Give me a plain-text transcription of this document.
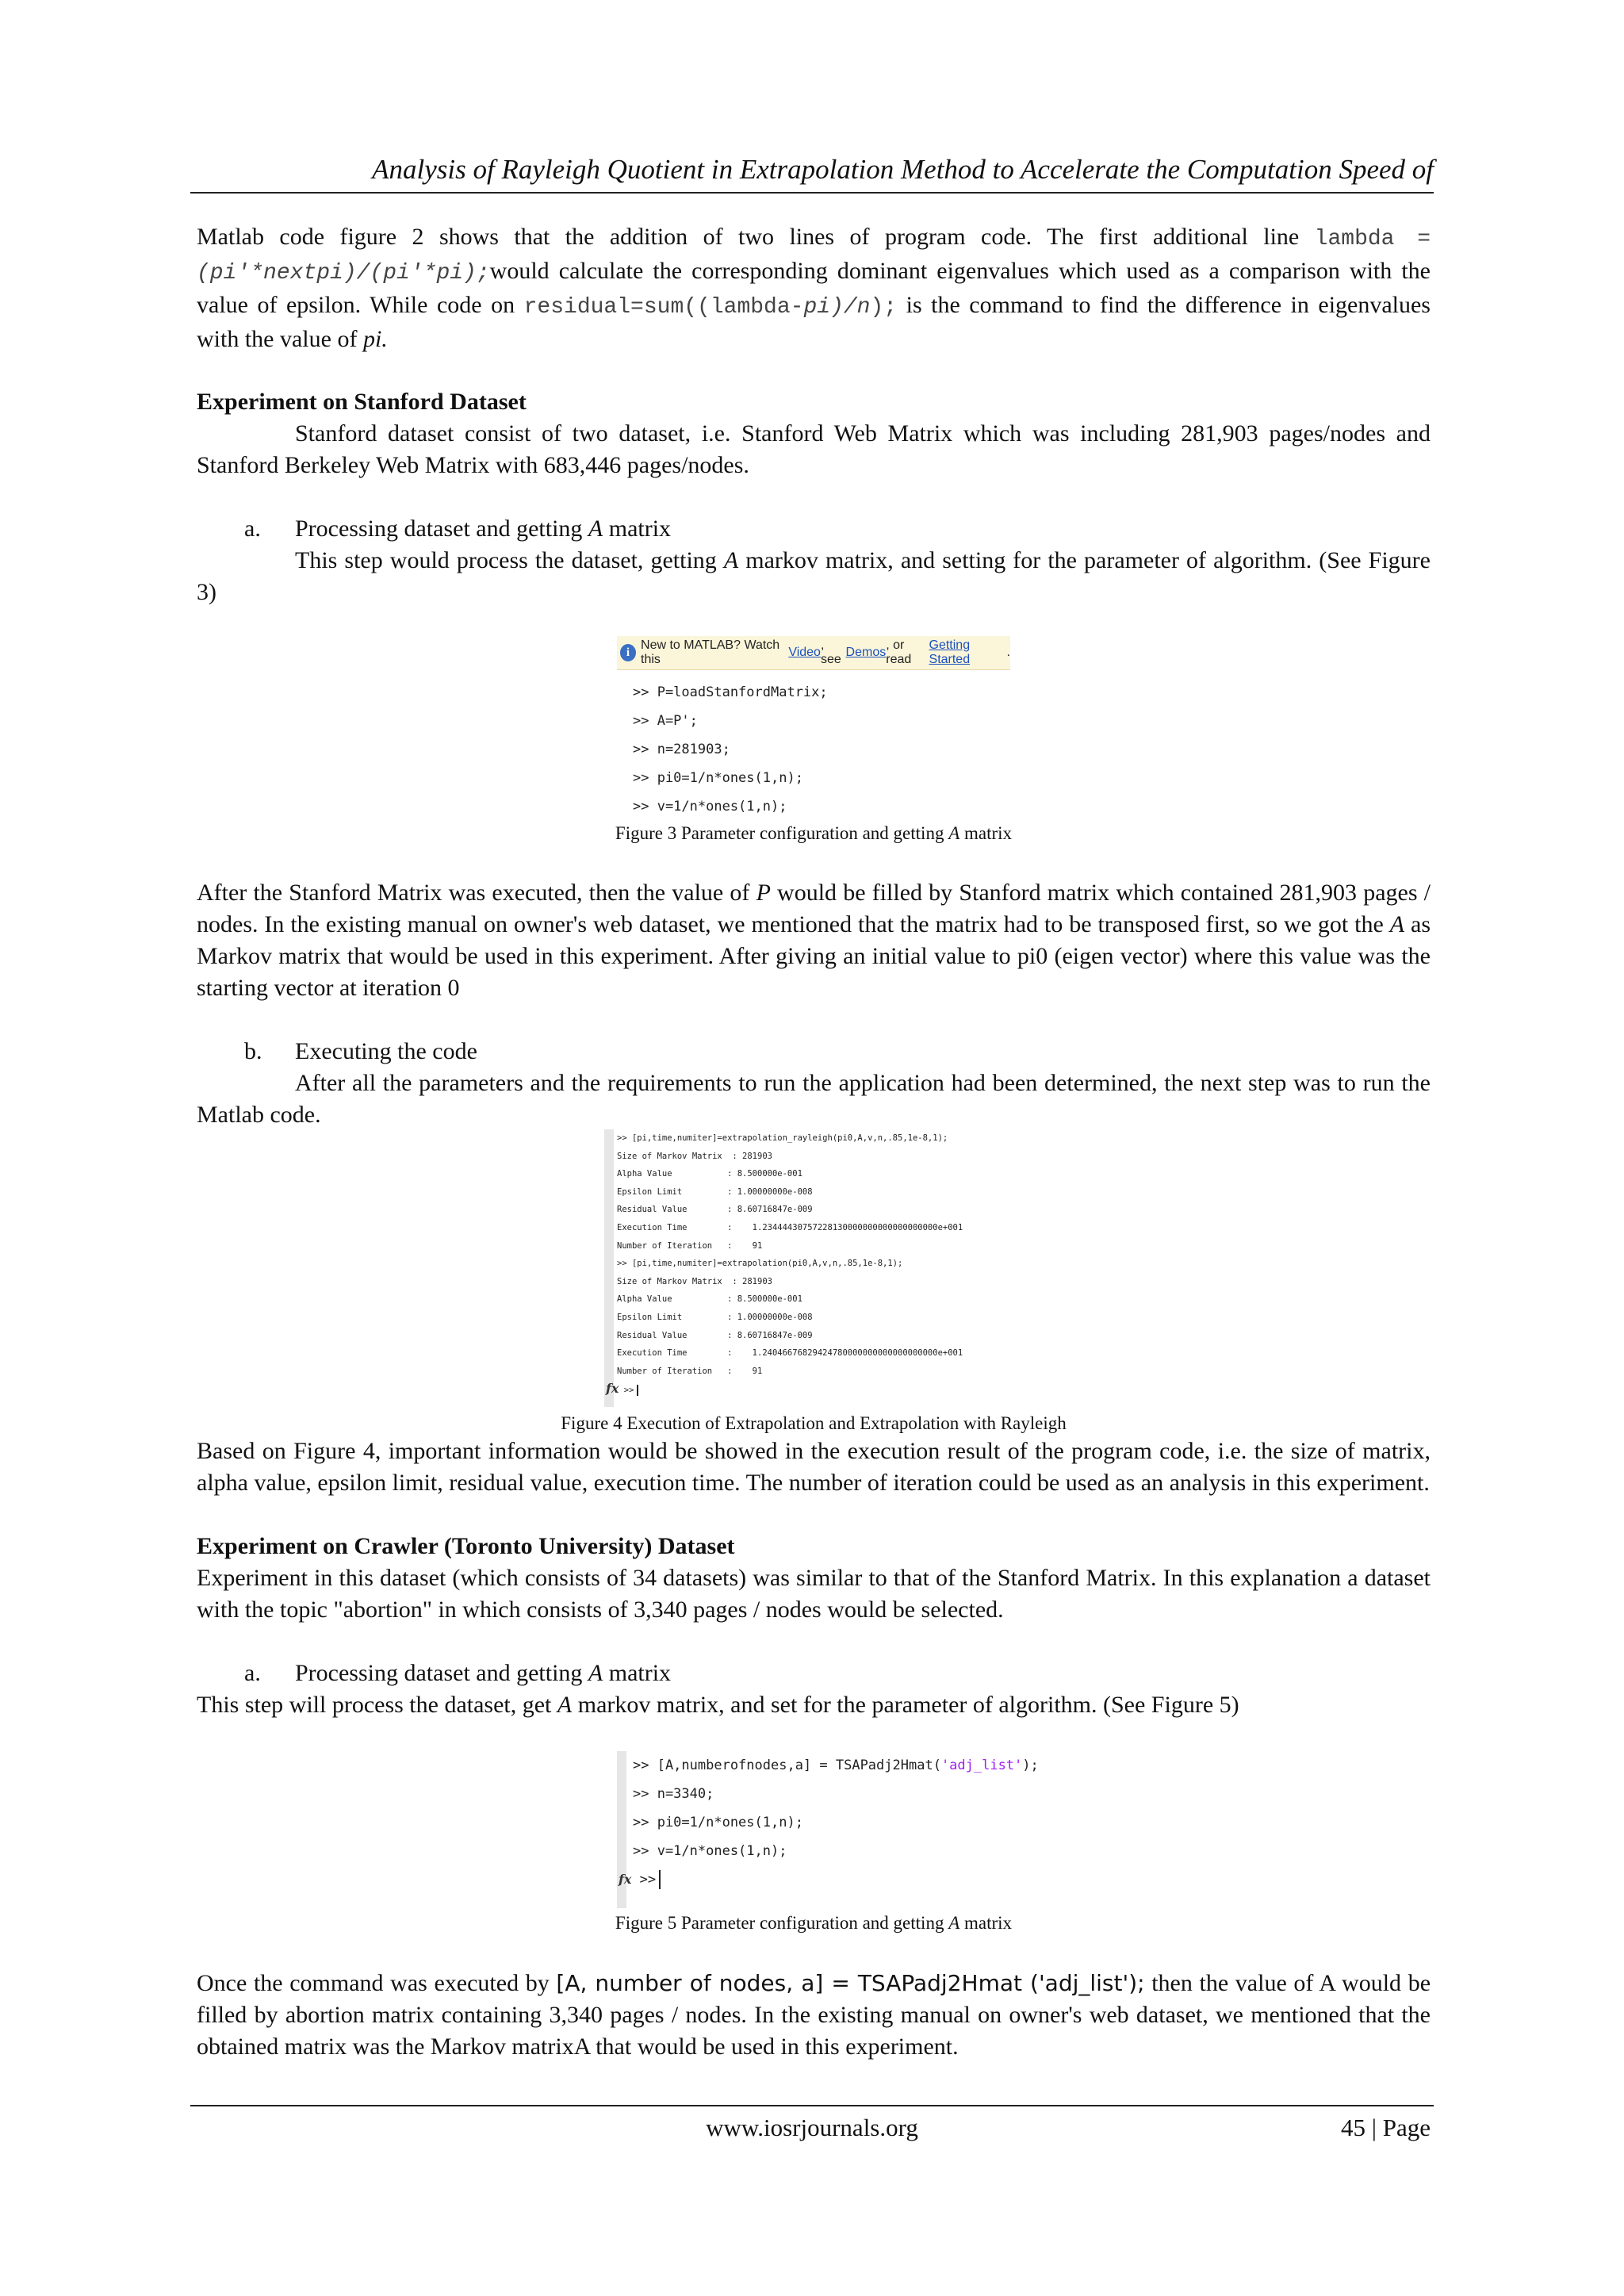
Analysis of Rayleigh Quotient in Extrapolation Method to Accelerate the Computation Speed of

Matlab code figure 2 shows that the addition of two lines of program code. The first additional line lambda = (pi'*nextpi)/(pi'*pi);would calculate the corresponding dominant eigenvalues which used as a comparison with the value of epsilon. While code on residual=sum((lambda-pi)/n); is the command to find the difference in eigenvalues with the value of pi.

Experiment on Stanford Dataset

Stanford dataset consist of two dataset, i.e. Stanford Web Matrix which was including 281,903 pages/nodes and Stanford Berkeley Web Matrix with 683,446 pages/nodes.

a. Processing dataset and getting A matrix

This step would process the dataset, getting A markov matrix, and setting for the parameter of algorithm. (See Figure 3)

i
New to MATLAB? Watch this
Video
, see
Demos
, or read
Getting Started
.
>> P=loadStanfordMatrix;
>> A=P';
>> n=281903;
>> pi0=1/n*ones(1,n);
>> v=1/n*ones(1,n);
Figure 3 Parameter configuration and getting A matrix

After the Stanford Matrix was executed, then the value of P would be filled by Stanford matrix which contained 281,903 pages / nodes. In the existing manual on owner's web dataset, we mentioned that the matrix had to be transposed first, so we got the A as Markov matrix that would be used in this experiment. After giving an initial value to pi0 (eigen vector) where this value was the starting vector at iteration 0

b. Executing the code

After all the parameters and the requirements to run the application had been determined, the next step was to run the Matlab code.

>> [pi,time,numiter]=extrapolation_rayleigh(pi0,A,v,n,.85,1e-8,1);
Size of Markov Matrix  : 281903
Alpha Value           : 8.500000e-001
Epsilon Limit         : 1.00000000e-008
Residual Value        : 8.60716847e-009
Execution Time        :    1.23444430757228130000000000000000000e+001
Number of Iteration   :    91
>> [pi,time,numiter]=extrapolation(pi0,A,v,n,.85,1e-8,1);
Size of Markov Matrix  : 281903
Alpha Value           : 8.500000e-001
Epsilon Limit         : 1.00000000e-008
Residual Value        : 8.60716847e-009
Execution Time        :    1.24046676829424780000000000000000000e+001
Number of Iteration   :    91
fx >>
Figure 4 Execution of Extrapolation and Extrapolation with Rayleigh

Based on Figure 4, important information would be showed in the execution result of the program code, i.e. the size of matrix, alpha value, epsilon limit, residual value, execution time. The number of iteration could be used as an analysis in this experiment.

Experiment on Crawler (Toronto University) Dataset

Experiment in this dataset (which consists of 34 datasets) was similar to that of the Stanford Matrix. In this explanation a dataset with the topic "abortion" in which consists of 3,340 pages / nodes would be selected.

a. Processing dataset and getting A matrix

This step will process the dataset, get A markov matrix, and set for the parameter of algorithm. (See Figure 5)

>> [A,numberofnodes,a] = TSAPadj2Hmat('adj_list');
>> n=3340;
>> pi0=1/n*ones(1,n);
>> v=1/n*ones(1,n);
fx >>
Figure 5 Parameter configuration and getting A matrix

Once the command was executed by [A, number of nodes, a] = TSAPadj2Hmat ('adj_list'); then the value of A would be filled by abortion matrix containing 3,340 pages / nodes. In the existing manual on owner's web dataset, we mentioned that the obtained matrix was the Markov matrixA that would be used in this experiment.

www.iosrjournals.org	45 | Page
